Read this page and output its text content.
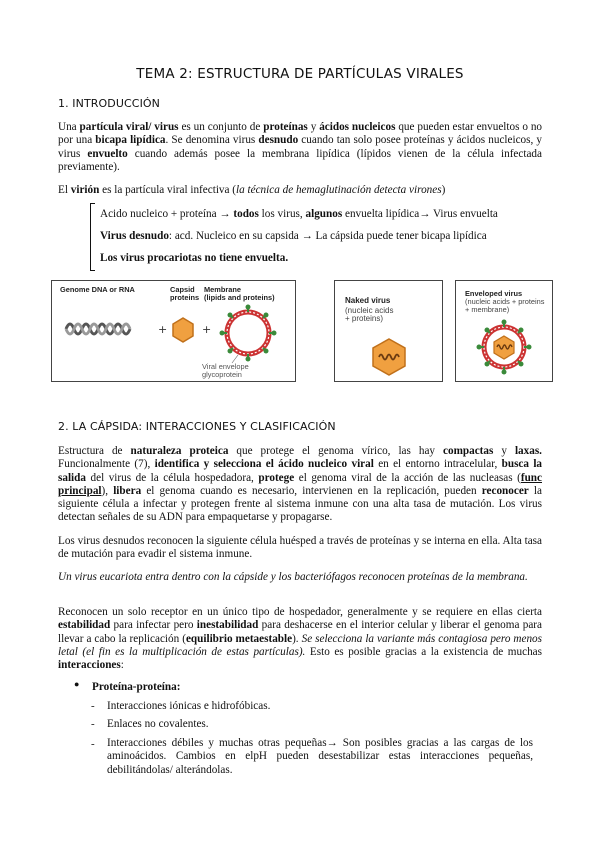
TEMA 2: ESTRUCTURA DE PARTÍCULAS VIRALES
1. INTRODUCCIÓN
Una partícula viral/ virus es un conjunto de proteínas y ácidos nucleicos que pueden estar envueltos o no por una bicapa lipídica. Se denomina virus desnudo cuando tan solo posee proteínas y ácidos nucleicos, y virus envuelto cuando además posee la membrana lipídica (lípidos vienen de la célula infectada previamente).
El virión es la partícula viral infectiva (la técnica de hemaglutinación detecta virones)
Acido nucleico + proteína → todos los virus, algunos envuelta lipídica→ Virus envuelta
Virus desnudo: acd. Nucleico en su capsida → La cápsida puede tener bicapa lipídica
Los virus procariotas no tiene envuelta.
Genome DNA or RNA	Capsid
proteins
Membrane
(lipids and proteins)
+	+
Viral envelope
glycoprotein
Naked virus
(nucleic acids
+ proteins)
Enveloped virus
(nucleic acids + proteins
+ membrane)
2. LA CÁPSIDA: INTERACCIONES Y CLASIFICACIÓN
Estructura de naturaleza proteica que protege el genoma vírico, las hay compactas y laxas. Funcionalmente (7), identifica y selecciona el ácido nucleico viral en el entorno intracelular, busca la salida del virus de la célula hospedadora, protege el genoma viral de la acción de las nucleasas (func principal), libera el genoma cuando es necesario, intervienen en la replicación, pueden reconocer la siguiente célula a infectar y protegen frente al sistema inmune con una alta tasa de mutación. Los virus detectan señales de su ADN para empaquetarse y propagarse.
Los virus desnudos reconocen la siguiente célula huésped a través de proteínas y se interna en ella. Alta tasa de mutación para evadir el sistema inmune.
Un virus eucariota entra dentro con la cápside y los bacteriófagos reconocen proteínas de la membrana.
Reconocen un solo receptor en un único tipo de hospedador, generalmente y se requiere en ellas cierta estabilidad para infectar pero inestabilidad para deshacerse en el interior celular y liberar el genoma para llevar a cabo la replicación (equilibrio metaestable). Se selecciona la variante más contagiosa pero menos letal (el fin es la multiplicación de estas partículas). Esto es posible gracias a la existencia de muchas interacciones:
● Proteína-proteína:
- Interacciones iónicas e hidrofóbicas.
- Enlaces no covalentes.
- Interacciones débiles y muchas otras pequeñas→ Son posibles gracias a las cargas de los aminoácidos. Cambios en elpH pueden desestabilizar estas interacciones pequeñas, debilitándolas/ alterándolas.
